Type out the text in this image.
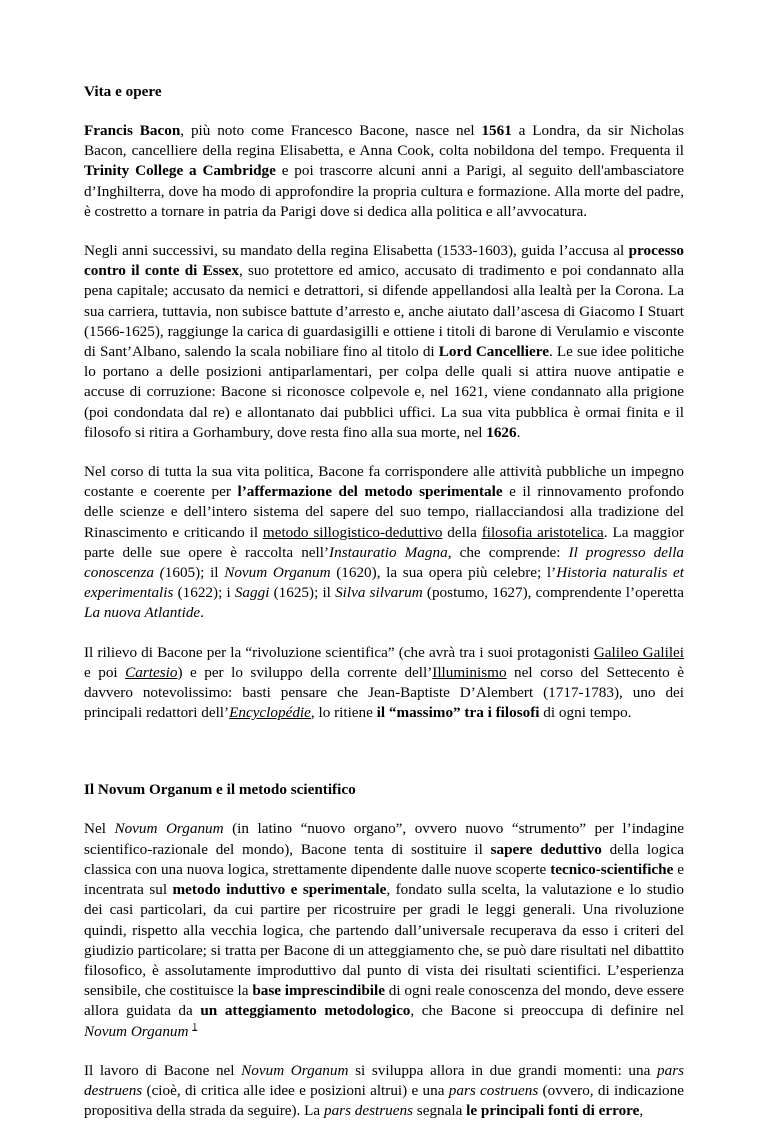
Vita e opere

Francis Bacon, più noto come Francesco Bacone, nasce nel 1561 a Londra, da sir Nicholas Bacon, cancelliere della regina Elisabetta, e Anna Cook, colta nobildona del tempo. Frequenta il Trinity College a Cambridge e poi trascorre alcuni anni a Parigi, al seguito dell'ambasciatore d’Inghilterra, dove ha modo di approfondire la propria cultura e formazione. Alla morte del padre, è costretto a tornare in patria da Parigi dove si dedica alla politica e all’avvocatura.

Negli anni successivi, su mandato della regina Elisabetta (1533-1603), guida l’accusa al processo contro il conte di Essex, suo protettore ed amico, accusato di tradimento e poi condannato alla pena capitale; accusato da nemici e detrattori, si difende appellandosi alla lealtà per la Corona. La sua carriera, tuttavia, non subisce battute d’arresto e, anche aiutato dall’ascesa di Giacomo I Stuart (1566-1625), raggiunge la carica di guardasigilli e ottiene i titoli di barone di Verulamio e visconte di Sant’Albano, salendo la scala nobiliare fino al titolo di Lord Cancelliere. Le sue idee politiche lo portano a delle posizioni antiparlamentari, per colpa delle quali si attira nuove antipatie e accuse di corruzione: Bacone si riconosce colpevole e, nel 1621, viene condannato alla prigione (poi condondata dal re) e allontanato dai pubblici uffici. La sua vita pubblica è ormai finita e il filosofo si ritira a Gorhambury, dove resta fino alla sua morte, nel 1626.

Nel corso di tutta la sua vita politica, Bacone fa corrispondere alle attività pubbliche un impegno costante e coerente per l’affermazione del metodo sperimentale e il rinnovamento profondo delle scienze e dell’intero sistema del sapere del suo tempo, riallacciandosi alla tradizione del Rinascimento e criticando il metodo sillogistico-deduttivo della filosofia aristotelica. La maggior parte delle sue opere è raccolta nell’Instauratio Magna, che comprende: Il progresso della conoscenza (1605); il Novum Organum (1620), la sua opera più celebre; l’Historia naturalis et experimentalis (1622); i Saggi (1625); il Silva silvarum (postumo, 1627), comprendente l’operetta La nuova Atlantide.

Il rilievo di Bacone per la “rivoluzione scientifica” (che avrà tra i suoi protagonisti Galileo Galilei e poi Cartesio) e per lo sviluppo della corrente dell’Illuminismo nel corso del Settecento è davvero notevolissimo: basti pensare che Jean-Baptiste D’Alembert (1717-1783), uno dei principali redattori dell’Encyclopédie, lo ritiene il “massimo” tra i filosofi di ogni tempo.

Il Novum Organum e il metodo scientifico

Nel Novum Organum (in latino “nuovo organo”, ovvero nuovo “strumento” per l’indagine scientifico-razionale del mondo), Bacone tenta di sostituire il sapere deduttivo della logica classica con una nuova logica, strettamente dipendente dalle nuove scoperte tecnico-scientifiche e incentrata sul metodo induttivo e sperimentale, fondato sulla scelta, la valutazione e lo studio dei casi particolari, da cui partire per ricostruire per gradi le leggi generali. Una rivoluzione quindi, rispetto alla vecchia logica, che partendo dall’universale recuperava da esso i criteri del giudizio particolare; si tratta per Bacone di un atteggiamento che, se può dare risultati nel dibattito filosofico, è assolutamente improduttivo dal punto di vista dei risultati scientifici. L’esperienza sensibile, che costituisce la base imprescindibile di ogni reale conoscenza del mondo, deve essere allora guidata da un atteggiamento metodologico, che Bacone si preoccupa di definire nel Novum Organum $^1$

Il lavoro di Bacone nel Novum Organum si sviluppa allora in due grandi momenti: una pars destruens (cioè, di critica alle idee e posizioni altrui) e una pars costruens (ovvero, di indicazione propositiva della strada da seguire). La pars destruens segnala le principali fonti di errore,
